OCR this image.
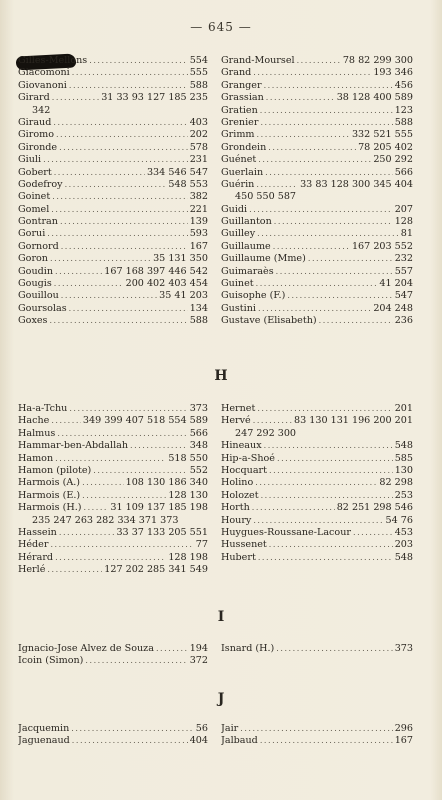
— 645 —
Gilles-Mellons . . .	554
Giacomoni . . .	555
Giovanoni . . .	588
Girard . . .	31 33 93 127 185 235
342
Giraud . . .	403
Giromo . . .	202
Gironde . . .	578
Giuli . . .	231
Gobert . . .	334 546 547
Godefroy . . .	548 553
Goinet . . .	382
Gomel . . .	221
Gontran . . .	139
Gorui . . .	593
Gornord . . .	167
Goron . . .	35 131 350
Goudin . . .	167 168 397 446 542
Gougis . . .	200 402 403 454
Gouillou . . .	35 41 203
Goursolas . . .	134
Goxes . . .	588
Grand-Moursel . . .	78 82 299 300
Grand . . .	193 346
Granger . . .	456
Grassian . . .	38 128 400 589
Gratien . . .	123
Grenier . . .	588
Grimm . . .	332 521 555
Grondein . . .	78 205 402
Guénet . . .	250 292
Guerlain . . .	566
Guérin . . .	33 83 128 300 345 404
450 550 587
Guidi . . .	207
Guillanton . . .	128
Guilley . . .	81
Guillaume . . .	167 203 552
Guillaume (Mme) . . .	232
Guimaraès . . .	557
Guinet . . .	41 204
Guisophe (F.) . . .	547
Gustini . . .	204 248
Gustave (Elisabeth) . . .	236
H
Ha-a-Tchu . . .	373
Hache . . .	349 399 407 518 554 589
Halmus . . .	566
Hammar-ben-Abdallah . . .	348
Hamon . . .	518 550
Hamon (pilote) . . .	552
Harmois (A.) . . .	108 130 186 340
Harmois (E.) . . .	128 130
Harmois (H.) . . .	31 109 137 185 198
235 247 263 282 334 371 373
Hassein . . .	33 37 133 205 551
Héder . . .	77
Hérard . . .	128 198
Herlé . . .	127 202 285 341 549
Hernet . . .	201
Hervé . . .	83 130 131 196 200 201
247 292 300
Hineaux . . .	548
Hip-a-Shoé . . .	585
Hocquart . . .	130
Holino . . .	82 298
Holozet . . .	253
Horth . . .	82 251 298 546
Houry . . .	54 76
Huygues-Roussane-Lacour . . .	453
Hussenet . . .	203
Hubert . . .	548
I
Ignacio-Jose Alvez de Souza . . .	194
Icoin (Simon) . . .	372
Isnard (H.) . . .	373
J
Jacquemin . . .	56
Jaguenaud . . .	404
Jair . . .	296
Jalbaud . . .	167
